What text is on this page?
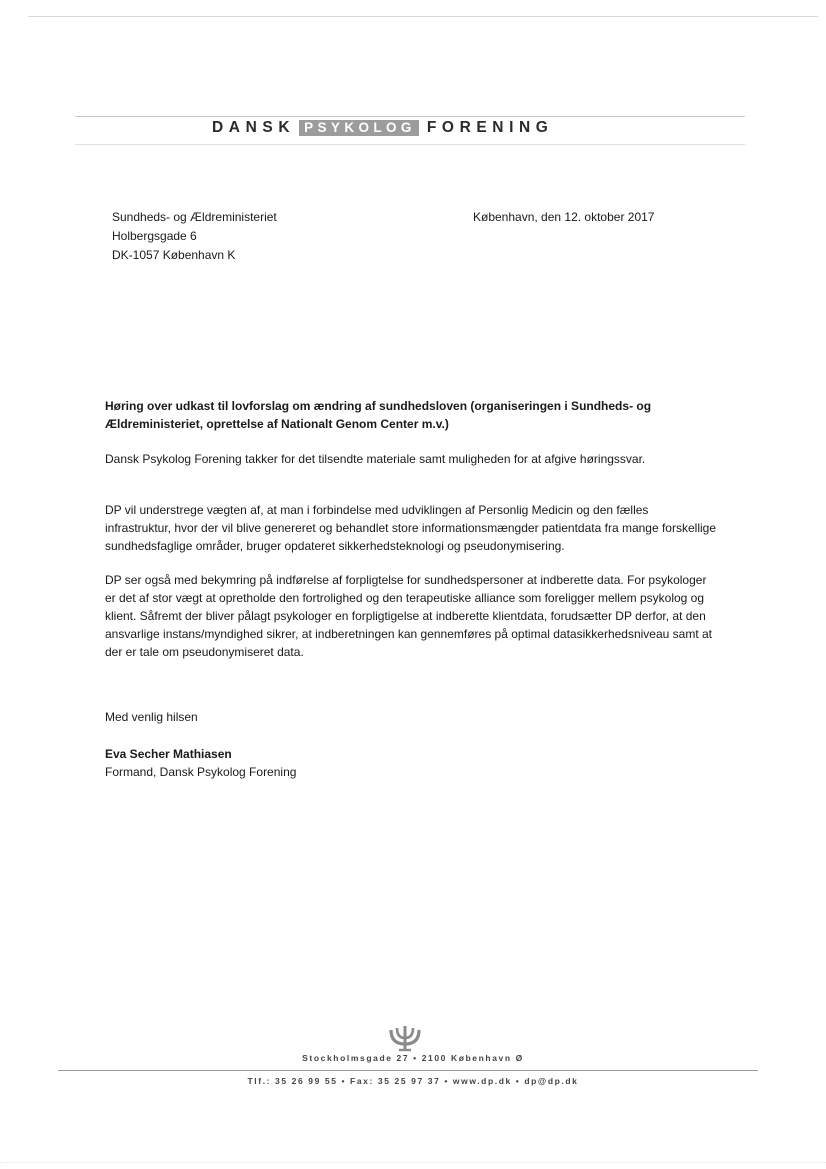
DANSK PSYKOLOG FORENING
Sundheds- og Ældreministeriet
Holbergsgade 6
DK-1057 København K
København, den 12. oktober 2017
Høring over udkast til lovforslag om ændring af sundhedsloven (organiseringen i Sundheds- og Ældreministeriet, oprettelse af Nationalt Genom Center m.v.)
Dansk Psykolog Forening takker for det tilsendte materiale samt muligheden for at afgive høringssvar.
DP vil understrege vægten af, at man i forbindelse med udviklingen af Personlig Medicin og den fælles infrastruktur, hvor der vil blive genereret og behandlet store informationsmængder patientdata fra mange forskellige sundhedsfaglige områder, bruger opdateret sikkerhedsteknologi og pseudonymisering.
DP ser også med bekymring på indførelse af forpligtelse for sundhedspersoner at indberette data. For psykologer er det af stor vægt at opretholde den fortrolighed og den terapeutiske alliance som foreligger mellem psykolog og klient. Såfremt der bliver pålagt psykologer en forpligtigelse at indberette klientdata, forudsætter DP derfor, at den ansvarlige instans/myndighed sikrer, at indberetningen kan gennemføres på optimal datasikkerhedsniveau samt at der er tale om pseudonymiseret data.
Med venlig hilsen
Eva Secher Mathiasen
Formand, Dansk Psykolog Forening
Stockholmsgade 27 • 2100 København Ø
Tlf.: 35 26 99 55 • Fax: 35 25 97 37 • www.dp.dk • dp@dp.dk
